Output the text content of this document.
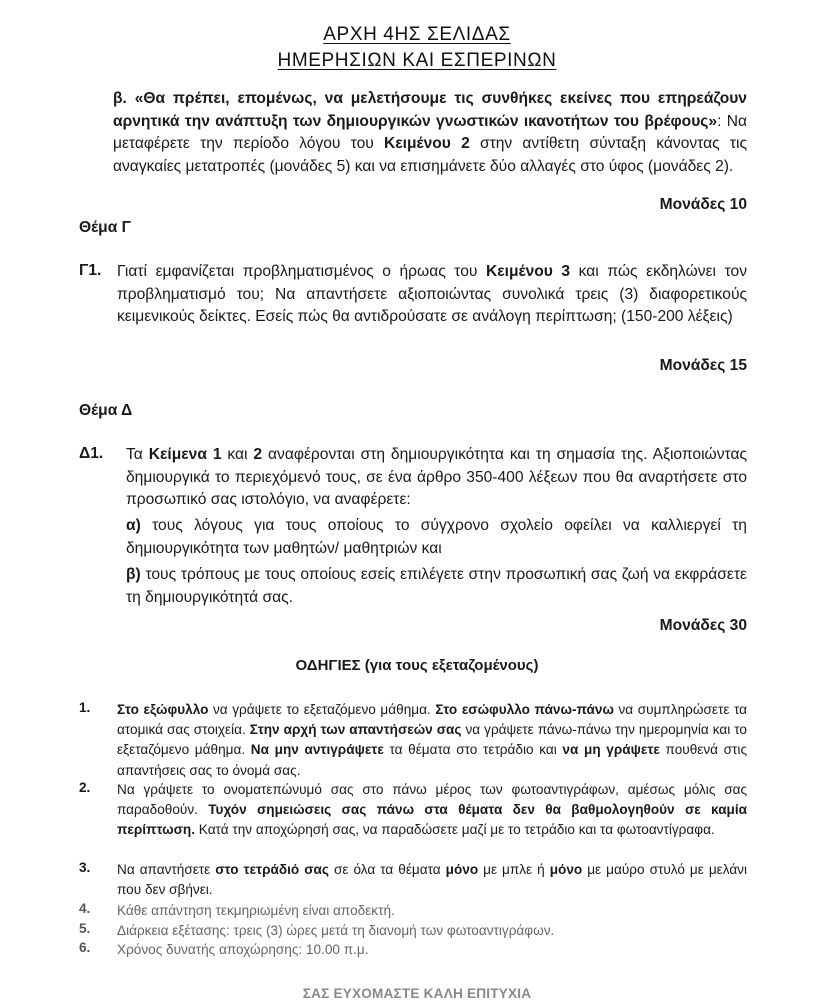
ΑΡΧΗ 4ΗΣ ΣΕΛΙΔΑΣ
ΗΜΕΡΗΣΙΩΝ ΚΑΙ ΕΣΠΕΡΙΝΩΝ
β. «Θα πρέπει, επομένως, να μελετήσουμε τις συνθήκες εκείνες που επηρεάζουν αρνητικά την ανάπτυξη των δημιουργικών γνωστικών ικανοτήτων του βρέφους»: Να μεταφέρετε την περίοδο λόγου του Κειμένου 2 στην αντίθετη σύνταξη κάνοντας τις αναγκαίες μετατροπές (μονάδες 5) και να επισημάνετε δύο αλλαγές στο ύφος (μονάδες 2).
Μονάδες 10
Θέμα Γ
Γ1. Γιατί εμφανίζεται προβληματισμένος ο ήρωας του Κειμένου 3 και πώς εκδηλώνει τον προβληματισμό του; Να απαντήσετε αξιοποιώντας συνολικά τρεις (3) διαφορετικούς κειμενικούς δείκτες. Εσείς πώς θα αντιδρούσατε σε ανάλογη περίπτωση; (150-200 λέξεις)
Μονάδες 15
Θέμα Δ
Δ1. Τα Κείμενα 1 και 2 αναφέρονται στη δημιουργικότητα και τη σημασία της. Αξιοποιώντας δημιουργικά το περιεχόμενό τους, σε ένα άρθρο 350-400 λέξεων που θα αναρτήσετε στο προσωπικό σας ιστολόγιο, να αναφέρετε:
α) τους λόγους για τους οποίους το σύγχρονο σχολείο οφείλει να καλλιεργεί τη δημιουργικότητα των μαθητών/ μαθητριών και
β) τους τρόπους με τους οποίους εσείς επιλέγετε στην προσωπική σας ζωή να εκφράσετε τη δημιουργικότητά σας.
Μονάδες 30
ΟΔΗΓΙΕΣ (για τους εξεταζομένους)
1. Στο εξώφυλλο να γράψετε το εξεταζόμενο μάθημα. Στο εσώφυλλο πάνω-πάνω να συμπληρώσετε τα ατομικά σας στοιχεία. Στην αρχή των απαντήσεών σας να γράψετε πάνω-πάνω την ημερομηνία και το εξεταζόμενο μάθημα. Να μην αντιγράψετε τα θέματα στο τετράδιο και να μη γράψετε πουθενά στις απαντήσεις σας το όνομά σας.
2. Να γράψετε το ονοματεπώνυμό σας στο πάνω μέρος των φωτοαντιγράφων, αμέσως μόλις σας παραδοθούν. Τυχόν σημειώσεις σας πάνω στα θέματα δεν θα βαθμολογηθούν σε καμία περίπτωση. Κατά την αποχώρησή σας, να παραδώσετε μαζί με το τετράδιο και τα φωτοαντίγραφα.
3. Να απαντήσετε στο τετράδιό σας σε όλα τα θέματα μόνο με μπλε ή μόνο με μαύρο στυλό με μελάνι που δεν σβήνει.
4. Κάθε απάντηση τεκμηριωμένη είναι αποδεκτή.
5. Διάρκεια εξέτασης: τρεις (3) ώρες μετά τη διανομή των φωτοαντιγράφων.
6. Χρόνος δυνατής αποχώρησης: 10.00 π.μ.
ΣΑΣ ΕΥΧΟΜΑΣΤΕ ΚΑΛΗ ΕΠΙΤΥΧΙΑ
